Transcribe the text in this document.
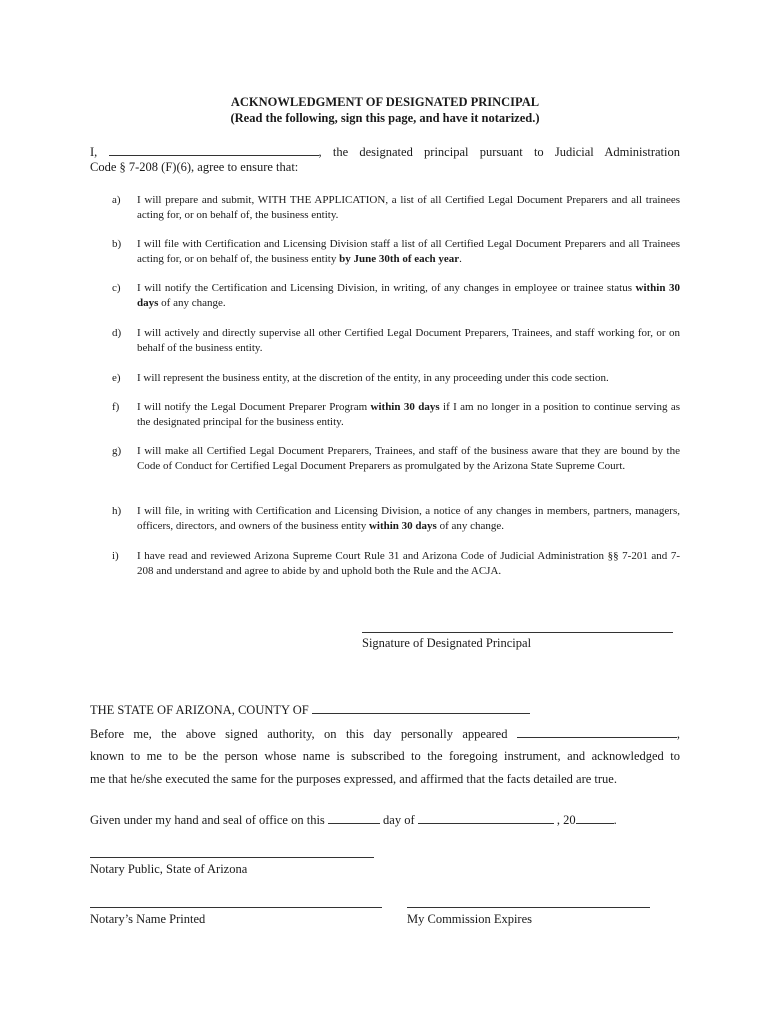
ACKNOWLEDGMENT OF DESIGNATED PRINCIPAL
(Read the following, sign this page, and have it notarized.)
I,	, the designated principal pursuant to Judicial Administration
Code § 7-208 (F)(6), agree to ensure that:
a) I will prepare and submit, WITH THE APPLICATION, a list of all Certified Legal Document Preparers and all trainees acting for, or on behalf of, the business entity.
b) I will file with Certification and Licensing Division staff a list of all Certified Legal Document Preparers and all Trainees acting for, or on behalf of, the business entity by June 30th of each year.
c) I will notify the Certification and Licensing Division, in writing, of any changes in employee or trainee status within 30 days of any change.
d) I will actively and directly supervise all other Certified Legal Document Preparers, Trainees, and staff working for, or on behalf of the business entity.
e) I will represent the business entity, at the discretion of the entity, in any proceeding under this code section.
f) I will notify the Legal Document Preparer Program within 30 days if I am no longer in a position to continue serving as the designated principal for the business entity.
g) I will make all Certified Legal Document Preparers, Trainees, and staff of the business aware that they are bound by the Code of Conduct for Certified Legal Document Preparers as promulgated by the Arizona State Supreme Court.
h) I will file, in writing with Certification and Licensing Division, a notice of any changes in members, partners, managers, officers, directors, and owners of the business entity within 30 days of any change.
i) I have read and reviewed Arizona Supreme Court Rule 31 and Arizona Code of Judicial Administration §§ 7-201 and 7-208 and understand and agree to abide by and uphold both the Rule and the ACJA.
Signature of Designated Principal
THE STATE OF ARIZONA, COUNTY OF
Before me, the above signed authority, on this day personally appeared	,
known to me to be the person whose name is subscribed to the foregoing instrument, and acknowledged to
me that he/she executed the same for the purposes expressed, and affirmed that the facts detailed are true.
Given under my hand and seal of office on this	day of	, 20	.
Notary Public, State of Arizona
Notary’s Name Printed	My Commission Expires
